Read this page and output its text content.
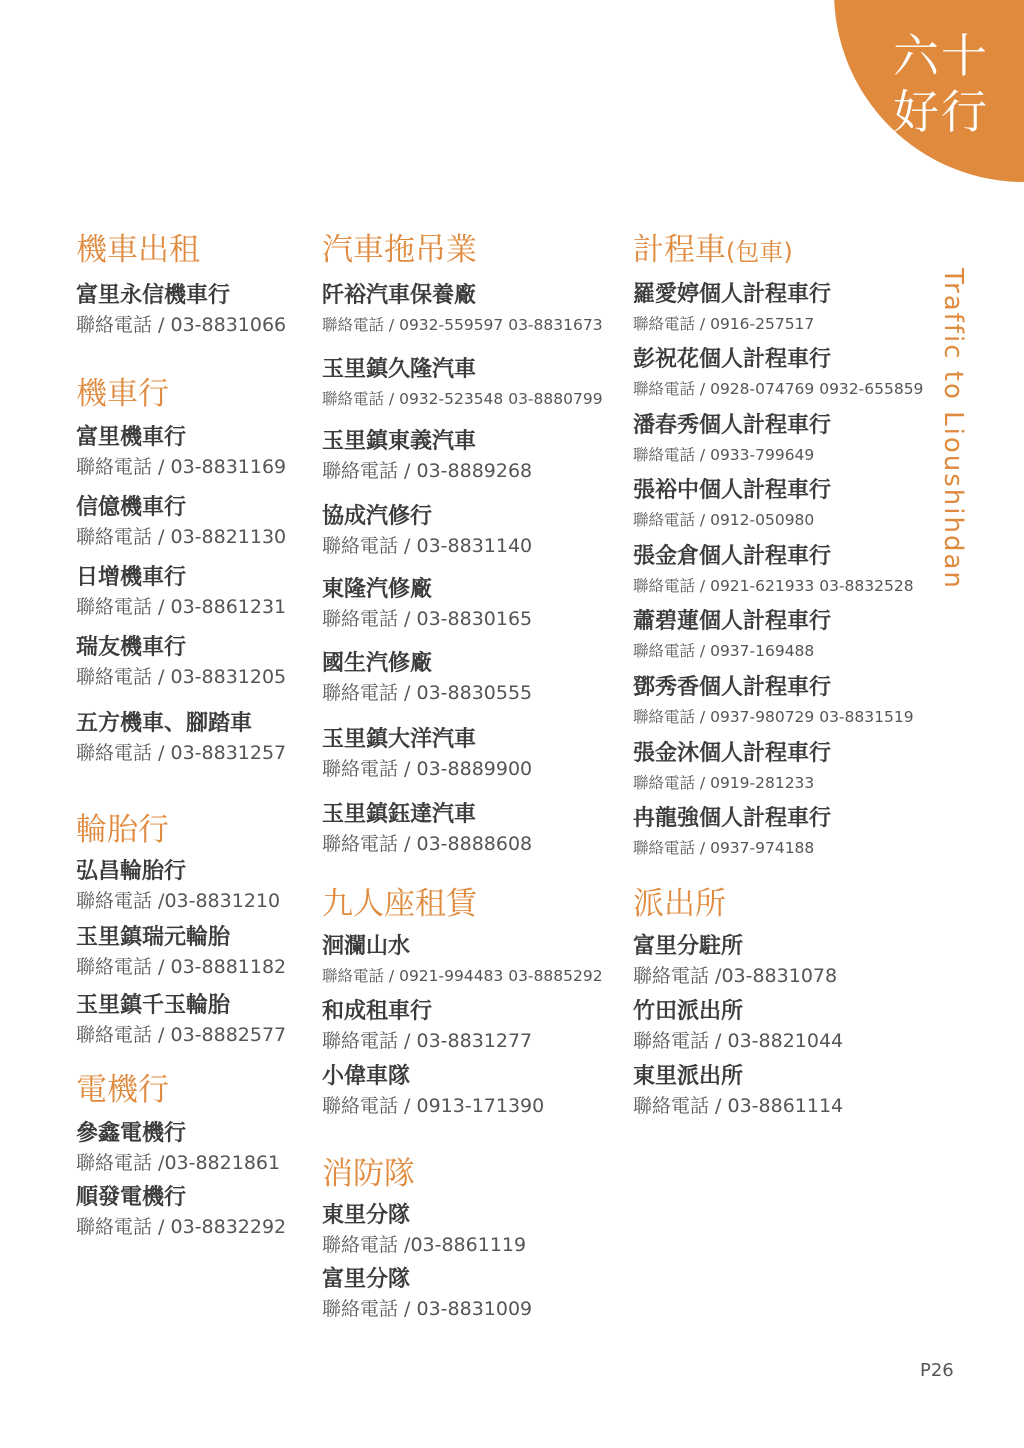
六十
好行
Traffic to Lioushihdan
機車出租
富里永信機車行
聯絡電話 / 03-8831066
機車行
富里機車行
聯絡電話 / 03-8831169
信億機車行
聯絡電話 / 03-8821130
日增機車行
聯絡電話 / 03-8861231
瑞友機車行
聯絡電話 / 03-8831205
五方機車、腳踏車
聯絡電話 / 03-8831257
輪胎行
弘昌輪胎行
聯絡電話 /03-8831210
玉里鎮瑞元輪胎
聯絡電話 / 03-8881182
玉里鎮千玉輪胎
聯絡電話 / 03-8882577
電機行
參鑫電機行
聯絡電話 /03-8821861
順發電機行
聯絡電話 / 03-8832292
汽車拖吊業
阡裕汽車保養廠
聯絡電話 / 0932-559597 03-8831673
玉里鎮久隆汽車
聯絡電話 / 0932-523548 03-8880799
玉里鎮東義汽車
聯絡電話 / 03-8889268
協成汽修行
聯絡電話 / 03-8831140
東隆汽修廠
聯絡電話 / 03-8830165
國生汽修廠
聯絡電話 / 03-8830555
玉里鎮大洋汽車
聯絡電話 / 03-8889900
玉里鎮鈺達汽車
聯絡電話 / 03-8888608
九人座租賃
洄瀾山水
聯絡電話 / 0921-994483 03-8885292
和成租車行
聯絡電話 / 03-8831277
小偉車隊
聯絡電話 / 0913-171390
消防隊
東里分隊
聯絡電話 /03-8861119
富里分隊
聯絡電話 / 03-8831009
計程車(包車)
羅愛婷個人計程車行
聯絡電話 / 0916-257517
彭祝花個人計程車行
聯絡電話 / 0928-074769 0932-655859
潘春秀個人計程車行
聯絡電話 / 0933-799649
張裕中個人計程車行
聯絡電話 / 0912-050980
張金倉個人計程車行
聯絡電話 / 0921-621933 03-8832528
蕭碧蓮個人計程車行
聯絡電話 / 0937-169488
鄧秀香個人計程車行
聯絡電話 / 0937-980729 03-8831519
張金沐個人計程車行
聯絡電話 / 0919-281233
冉龍強個人計程車行
聯絡電話 / 0937-974188
派出所
富里分駐所
聯絡電話 /03-8831078
竹田派出所
聯絡電話 / 03-8821044
東里派出所
聯絡電話 / 03-8861114
P26
